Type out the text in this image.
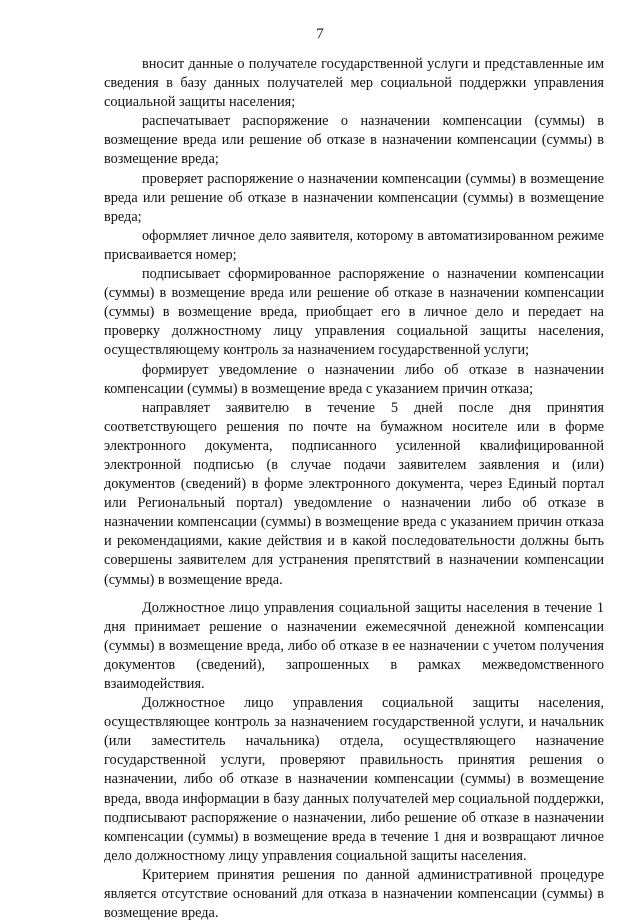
7

вносит данные о получателе государственной услуги и представленные им сведения в базу данных получателей мер социальной поддержки управления социальной защиты населения;

распечатывает распоряжение о назначении компенсации (суммы) в возмещение вреда или решение об отказе в назначении компенсации (суммы) в возмещение вреда;

проверяет распоряжение о назначении компенсации (суммы) в возмещение вреда или решение об отказе в назначении компенсации (суммы) в возмещение вреда;

оформляет личное дело заявителя, которому в автоматизированном режиме присваивается номер;

подписывает сформированное распоряжение о назначении компенсации (суммы) в возмещение вреда или решение об отказе в назначении компенсации (суммы) в возмещение вреда, приобщает его в личное дело и передает на проверку должностному лицу управления социальной защиты населения, осуществляющему контроль за назначением государственной услуги;

формирует уведомление о назначении либо об отказе в назначении компенсации (суммы) в возмещение вреда с указанием причин отказа;

направляет заявителю в течение 5 дней после дня принятия соответствующего решения по почте на бумажном носителе или в форме электронного документа, подписанного усиленной квалифицированной электронной подписью (в случае подачи заявителем заявления и (или) документов (сведений) в форме электронного документа, через Единый портал или Региональный портал) уведомление о назначении либо об отказе в назначении компенсации (суммы) в возмещение вреда с указанием причин отказа и рекомендациями, какие действия и в какой последовательности должны быть совершены заявителем для устранения препятствий в назначении компенсации (суммы) в возмещение вреда.

Должностное лицо управления социальной защиты населения в течение 1 дня принимает решение о назначении ежемесячной денежной компенсации (суммы) в возмещение вреда, либо об отказе в ее назначении с учетом получения документов (сведений), запрошенных в рамках межведомственного взаимодействия.

Должностное лицо управления социальной защиты населения, осуществляющее контроль за назначением государственной услуги, и начальник (или заместитель начальника) отдела, осуществляющего назначение государственной услуги, проверяют правильность принятия решения о назначении, либо об отказе в назначении компенсации (суммы) в возмещение вреда, ввода информации в базу данных получателей мер социальной поддержки, подписывают распоряжение о назначении, либо решение об отказе в назначении компенсации (суммы) в возмещение вреда в течение 1 дня и возвращают личное дело должностному лицу управления социальной защиты населения.

Критерием принятия решения по данной административной процедуре является отсутствие оснований для отказа в назначении компенсации (суммы) в возмещение вреда.
